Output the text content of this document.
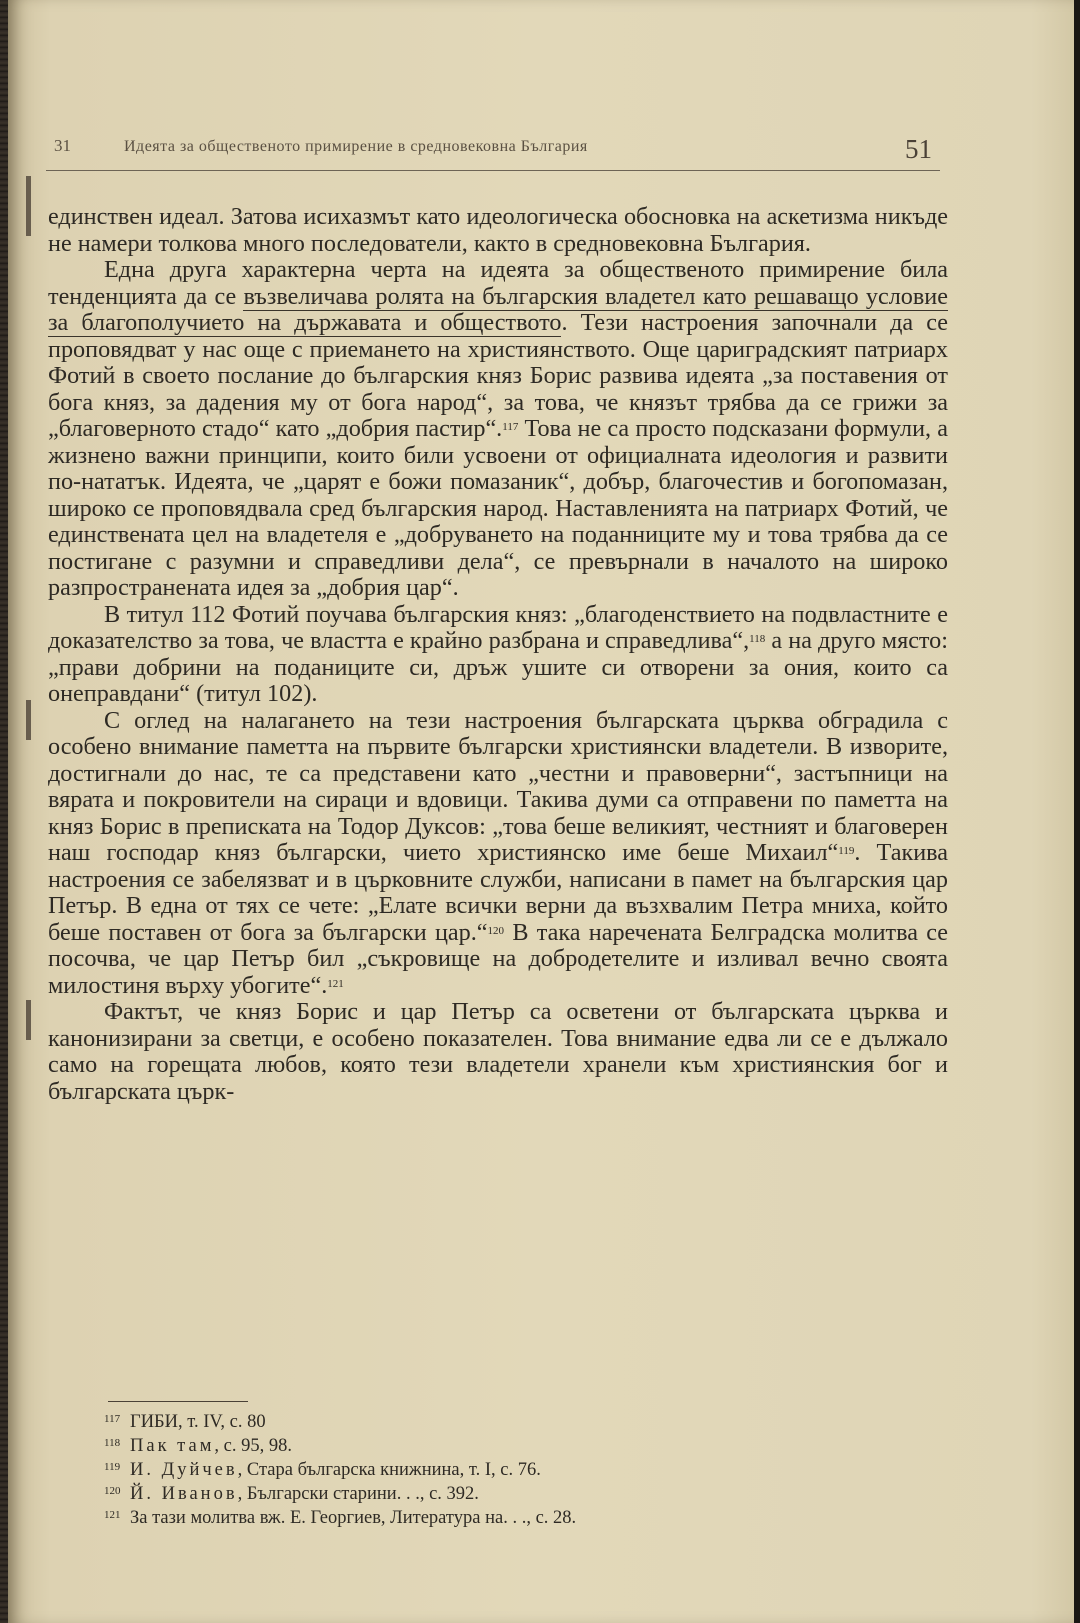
31	Идеята за общественото примирение в средновековна България	51

единствен идеал. Затова исихазмът като идеологическа обосновка на аскетизма никъде не намери толкова много последователи, както в средновековна България.

Една друга характерна черта на идеята за общественото примирение била тенденцията да се възвеличава ролята на българския владетел като решаващо условие за благополучието на държавата и обществото. Тези настроения започнали да се проповядват у нас още с приемането на християнството. Още цариградският патриарх Фотий в своето послание до българския княз Борис развива идеята „за поставения от бога княз, за дадения му от бога народ“, за това, че князът трябва да се грижи за „благоверното стадо“ като „добрия пастир“.$^{117}$ Това не са просто подсказани формули, а жизнено важни принципи, които били усвоени от официалната идеология и развити по-нататък. Идеята, че „царят е божи помазаник“, добър, благочестив и богопомазан, широко се проповядвала сред българския народ. Наставленията на патриарх Фотий, че единствената цел на владетеля е „добруването на поданниците му и това трябва да се постигане с разумни и справедливи дела“, се превърнали в началото на широко разпространената идея за „добрия цар“.

В титул 112 Фотий поучава българския княз: „благоденствието на подвластните е доказателство за това, че властта е крайно разбрана и справедлива“,$^{118}$ а на друго място: „прави добрини на поданиците си, дръж ушите си отворени за ония, които са онеправдани“ (титул 102).

С оглед на налагането на тези настроения българската църква обградила с особено внимание паметта на първите български християнски владетели. В изворите, достигнали до нас, те са представени като „честни и правоверни“, застъпници на вярата и покровители на сираци и вдовици. Такива думи са отправени по паметта на княз Борис в преписката на Тодор Дуксов: „това беше великият, честният и благоверен наш господар княз български, чието християнско име беше Михаил“$^{119}$. Такива настроения се забелязват и в църковните служби, написани в памет на българския цар Петър. В една от тях се чете: „Елате всички верни да възхвалим Петра мниха, който беше поставен от бога за български цар.“$^{120}$ В така наречената Белградска молитва се посочва, че цар Петър бил „съкровище на добродетелите и изливал вечно своята милостиня върху убогите“.$^{121}$

Фактът, че княз Борис и цар Петър са осветени от българската църква и канонизирани за светци, е особено показателен. Това внимание едва ли се е дължало само на горещата любов, която тези владетели хранели към християнския бог и българската църк-

117 ГИБИ, т. IV, с. 80
118 Пак там, с. 95, 98.
119 И. Дуйчев, Стара българска книжнина, т. I, с. 76.
120 Й. Иванов, Български старини. . ., с. 392.
121 За тази молитва вж. Е. Георгиев, Литература на. . ., с. 28.
